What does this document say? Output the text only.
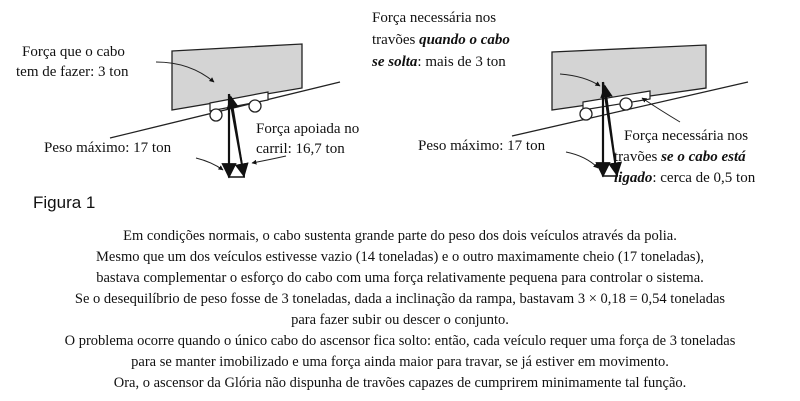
Força que o cabo
tem de fazer: 3 ton
Peso máximo: 17 ton
Força apoiada no
carril: 16,7 ton
Força necessária nos
travões quando o cabo
se solta: mais de 3 ton
Peso máximo: 17 ton
Força necessária nos
travões se o cabo está
ligado: cerca de 0,5 ton
Figura 1

Em condições normais, o cabo sustenta grande parte do peso dos dois veículos através da polia.

Mesmo que um dos veículos estivesse vazio (14 toneladas) e o outro maximamente cheio (17 toneladas),

bastava complementar o esforço do cabo com uma força relativamente pequena para controlar o sistema.

Se o desequilíbrio de peso fosse de 3 toneladas, dada a inclinação da rampa, bastavam 3 × 0,18 = 0,54 toneladas

para fazer subir ou descer o conjunto.

O problema ocorre quando o único cabo do ascensor fica solto: então, cada veículo requer uma força de 3 toneladas

para se manter imobilizado e uma força ainda maior para travar, se já estiver em movimento.

Ora, o ascensor da Glória não dispunha de travões capazes de cumprirem minimamente tal função.
